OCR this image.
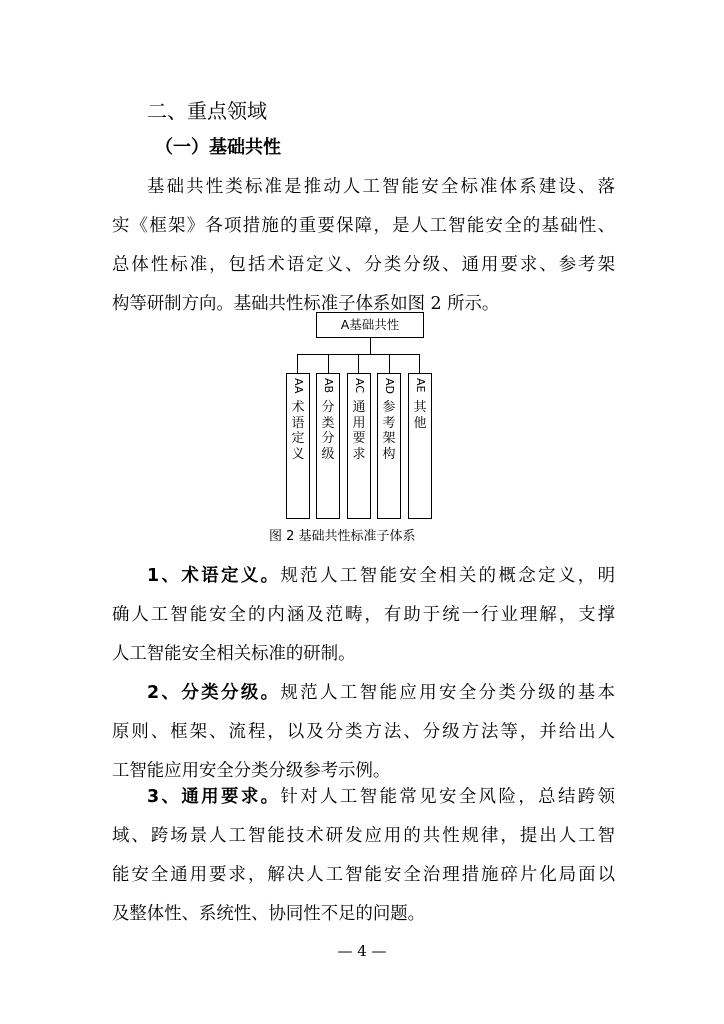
二、重点领域
（一）基础共性
基础共性类标准是推动人工智能安全标准体系建设、落
实《框架》各项措施的重要保障，是人工智能安全的基础性、
总体性标准，包括术语定义、分类分级、通用要求、参考架
构等研制方向。基础共性标准子体系如图 2 所示。
A基础共性
AA
术
语
定
义
AB
分
类
分
级
AC
通
用
要
求
AD
参
考
架
构
AE
其
他
图 2 基础共性标准子体系
1、术语定义。规范人工智能安全相关的概念定义，明
确人工智能安全的内涵及范畴，有助于统一行业理解，支撑
人工智能安全相关标准的研制。
2、分类分级。规范人工智能应用安全分类分级的基本
原则、框架、流程，以及分类方法、分级方法等，并给出人
工智能应用安全分类分级参考示例。
3、通用要求。针对人工智能常见安全风险，总结跨领
域、跨场景人工智能技术研发应用的共性规律，提出人工智
能安全通用要求，解决人工智能安全治理措施碎片化局面以
及整体性、系统性、协同性不足的问题。
— 4 —
